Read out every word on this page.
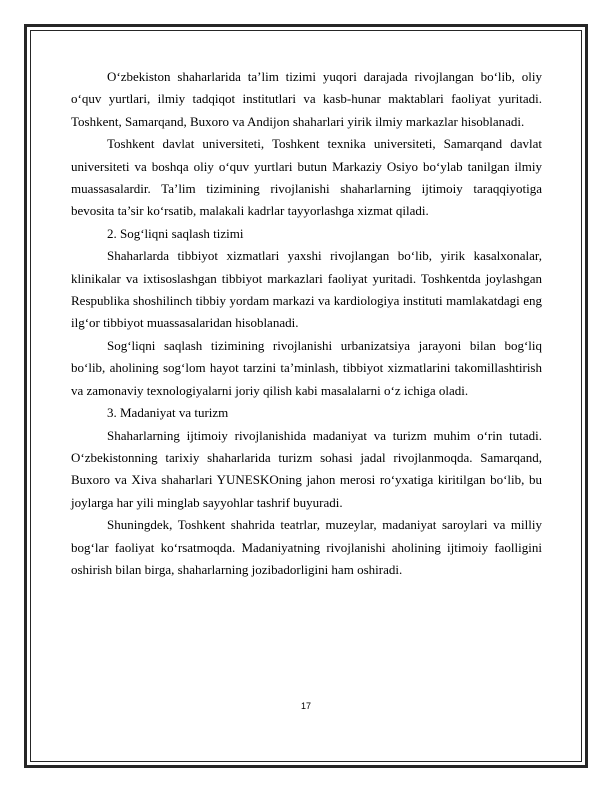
O‘zbekiston shaharlarida ta’lim tizimi yuqori darajada rivojlangan bo‘lib, oliy o‘quv yurtlari, ilmiy tadqiqot institutlari va kasb-hunar maktablari faoliyat yuritadi. Toshkent, Samarqand, Buxoro va Andijon shaharlari yirik ilmiy markazlar hisoblanadi.

Toshkent davlat universiteti, Toshkent texnika universiteti, Samarqand davlat universiteti va boshqa oliy o‘quv yurtlari butun Markaziy Osiyo bo‘ylab tanilgan ilmiy muassasalardir. Ta’lim tizimining rivojlanishi shaharlarning ijtimoiy taraqqiyotiga bevosita ta’sir ko‘rsatib, malakali kadrlar tayyorlashga xizmat qiladi.

2. Sog‘liqni saqlash tizimi

Shaharlarda tibbiyot xizmatlari yaxshi rivojlangan bo‘lib, yirik kasalxonalar, klinikalar va ixtisoslashgan tibbiyot markazlari faoliyat yuritadi. Toshkentda joylashgan Respublika shoshilinch tibbiy yordam markazi va kardiologiya instituti mamlakatdagi eng ilg‘or tibbiyot muassasalaridan hisoblanadi.

Sog‘liqni saqlash tizimining rivojlanishi urbanizatsiya jarayoni bilan bog‘liq bo‘lib, aholining sog‘lom hayot tarzini ta’minlash, tibbiyot xizmatlarini takomillashtirish va zamonaviy texnologiyalarni joriy qilish kabi masalalarni o‘z ichiga oladi.

3. Madaniyat va turizm

Shaharlarning ijtimoiy rivojlanishida madaniyat va turizm muhim o‘rin tutadi. O‘zbekistonning tarixiy shaharlarida turizm sohasi jadal rivojlanmoqda. Samarqand, Buxoro va Xiva shaharlari YUNESKOning jahon merosi ro‘yxatiga kiritilgan bo‘lib, bu joylarga har yili minglab sayyohlar tashrif buyuradi.

Shuningdek, Toshkent shahrida teatrlar, muzeylar, madaniyat saroylari va milliy bog‘lar faoliyat ko‘rsatmoqda. Madaniyatning rivojlanishi aholining ijtimoiy faolligini oshirish bilan birga, shaharlarning jozibadorligini ham oshiradi.

17
